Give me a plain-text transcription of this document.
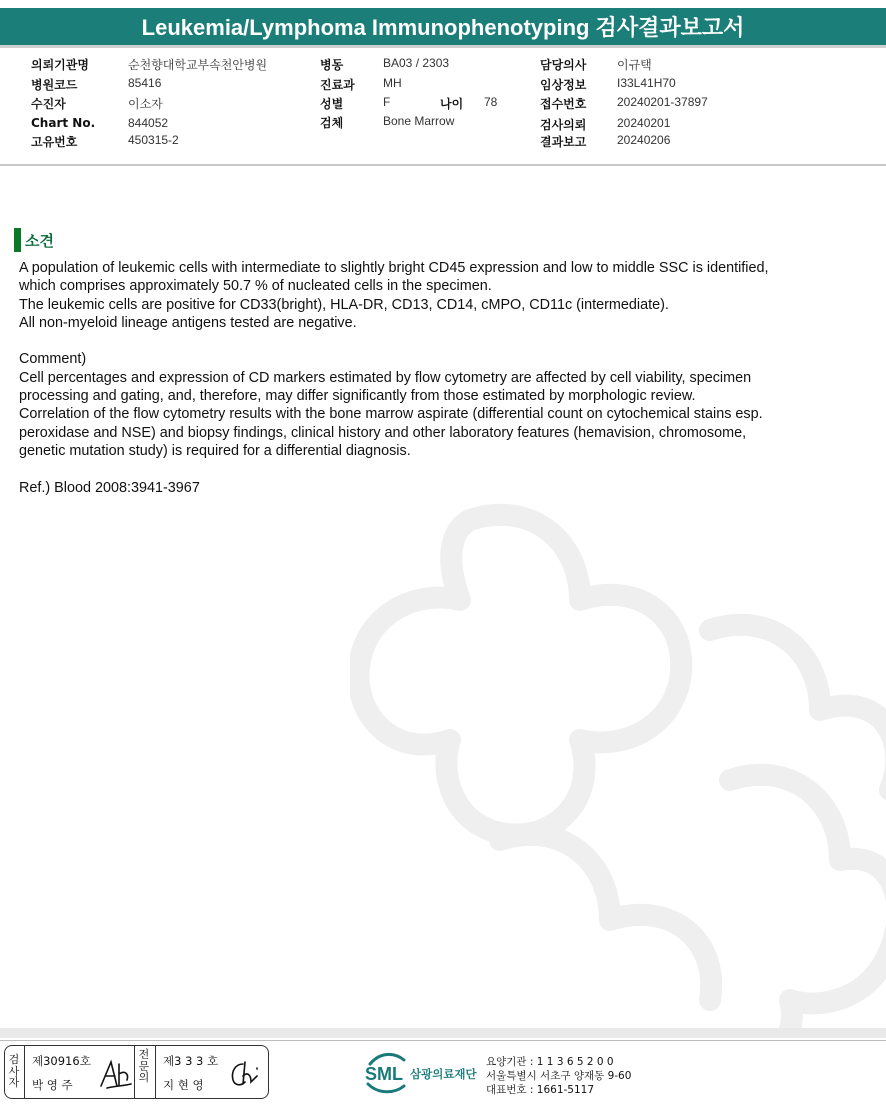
Leukemia/Lymphoma Immunophenotyping 검사결과보고서
의뢰기관명	순천향대학교부속천안병원
병원코드	85416
수진자	이소자
Chart No.	844052
고유번호	450315-2
병동	BA03 / 2303
진료과 MH
성별	F	나이 78
검체	Bone Marrow
담당의사	이규택
임상정보	I33L41H70
접수번호	20240201-37897
검사의뢰	20240201
결과보고	20240206
소견

A population of leukemic cells with intermediate to slightly bright CD45 expression and low to middle SSC is identified,

which comprises approximately 50.7 % of nucleated cells in the specimen.

The leukemic cells are positive for CD33(bright), HLA-DR, CD13, CD14, cMPO, CD11c (intermediate).

All non-myeloid lineage antigens tested are negative.

Comment)

Cell percentages and expression of CD markers estimated by flow cytometry are affected by cell viability, specimen

processing and gating, and, therefore, may differ significantly from those estimated by morphologic review.

Correlation of the flow cytometry results with the bone marrow aspirate (differential count on cytochemical stains esp.

peroxidase and NSE) and biopsy findings, clinical history and other laboratory features (hemavision, chromosome,

genetic mutation study) is required for a differential diagnosis.

Ref.) Blood 2008:3941-3967

검
사
자
제30916호
박 영 주
전
문
의
제3 3 3 호
지 현 영
SML 삼광의료재단
요양기관 : 1 1 3 6 5 2 0 0
서울특별시 서초구 양재동 9-60
대표번호 : 1661-5117
